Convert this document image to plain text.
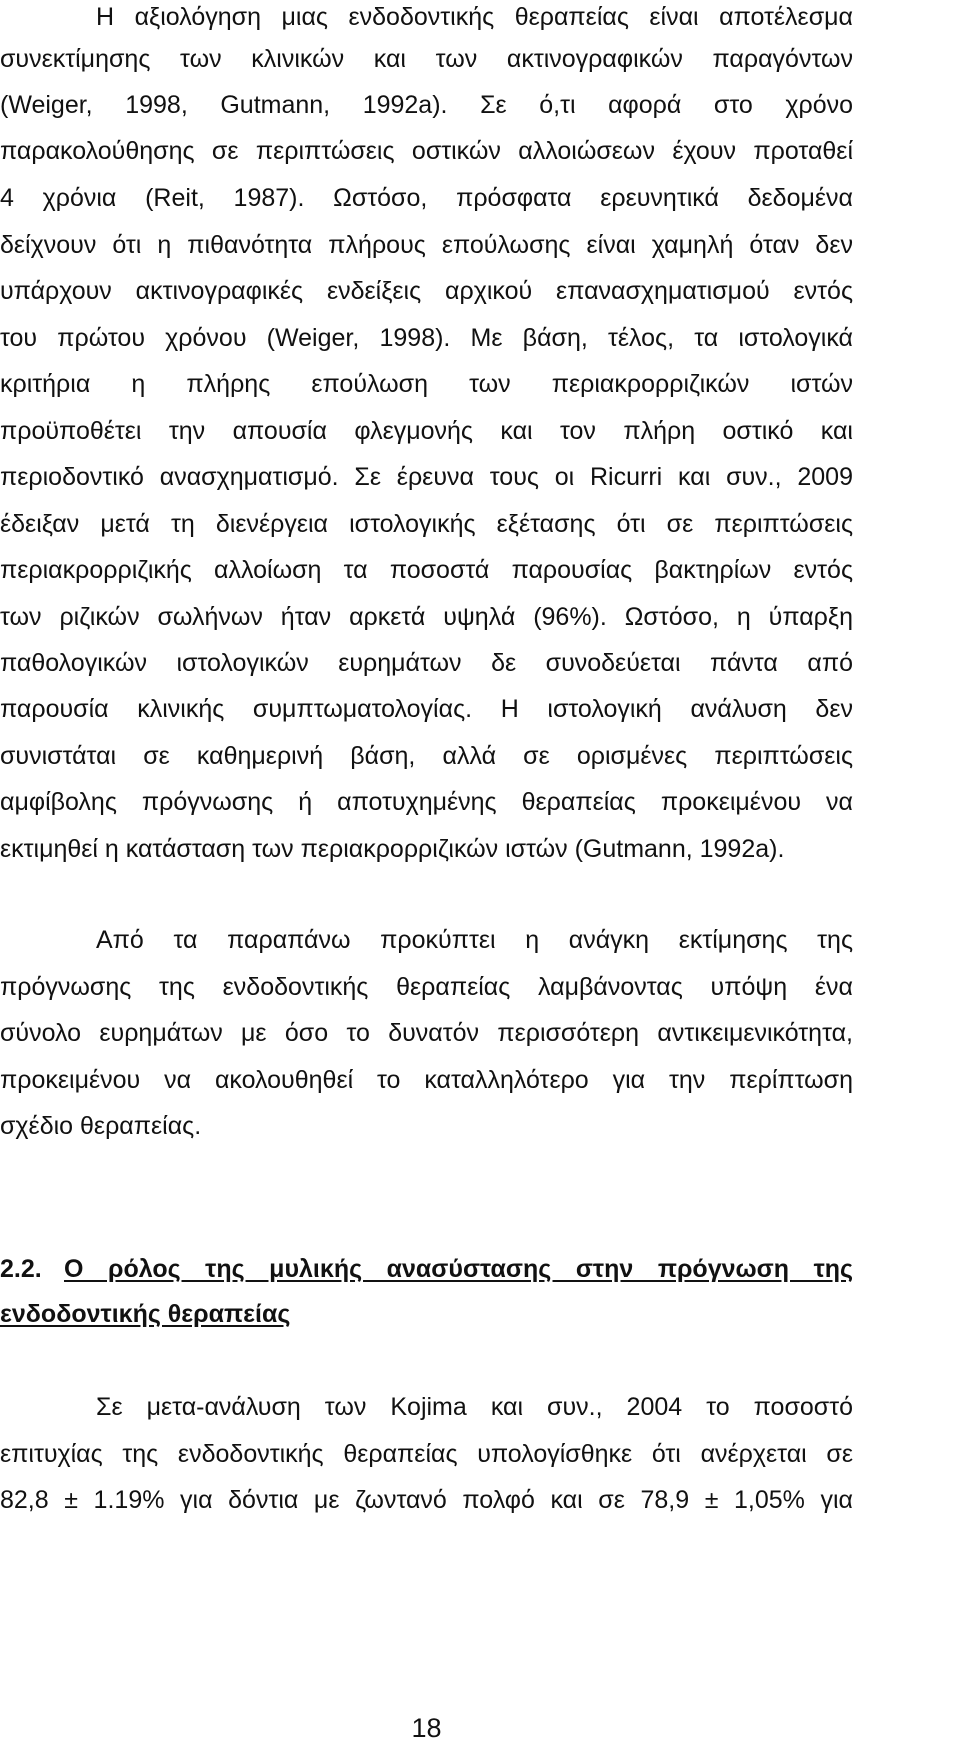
Η αξιολόγηση μιας ενδοδοντικής θεραπείας είναι αποτέλεσμα
συνεκτίμησης των κλινικών και των ακτινογραφικών παραγόντων
(Weiger, 1998, Gutmann, 1992a). Σε ό,τι αφορά στο χρόνο
παρακολούθησης σε περιπτώσεις οστικών αλλοιώσεων έχουν προταθεί
4 χρόνια (Reit, 1987). Ωστόσο, πρόσφατα ερευνητικά δεδομένα
δείχνουν ότι η πιθανότητα πλήρους επούλωσης είναι χαμηλή όταν δεν
υπάρχουν ακτινογραφικές ενδείξεις αρχικού επανασχηματισμού εντός
του πρώτου χρόνου (Weiger, 1998). Με βάση, τέλος, τα ιστολογικά
κριτήρια η πλήρης επούλωση των περιακρορριζικών ιστών
προϋποθέτει την απουσία φλεγμονής και τον πλήρη οστικό και
περιοδοντικό ανασχηματισμό. Σε έρευνα τους οι Ricurri και συν., 2009
έδειξαν μετά τη διενέργεια ιστολογικής εξέτασης ότι σε περιπτώσεις
περιακρορριζικής αλλοίωση τα ποσοστά παρουσίας βακτηρίων εντός
των ριζικών σωλήνων ήταν αρκετά υψηλά (96%). Ωστόσο, η ύπαρξη
παθολογικών ιστολογικών ευρημάτων δε συνοδεύεται πάντα από
παρουσία κλινικής συμπτωματολογίας. Η ιστολογική ανάλυση δεν
συνιστάται σε καθημερινή βάση, αλλά σε ορισμένες περιπτώσεις
αμφίβολης πρόγνωσης ή αποτυχημένης θεραπείας προκειμένου να
εκτιμηθεί η κατάσταση των περιακρορριζικών ιστών (Gutmann, 1992a).
Από τα παραπάνω προκύπτει η ανάγκη εκτίμησης της
πρόγνωσης της ενδοδοντικής θεραπείας λαμβάνοντας υπόψη ένα
σύνολο ευρημάτων με όσο το δυνατόν περισσότερη αντικειμενικότητα,
προκειμένου να ακολουθηθεί το καταλληλότερο για την περίπτωση
σχέδιο θεραπείας.
2.2. Ο ρόλος της μυλικής ανασύστασης στην πρόγνωση της
ενδοδοντικής θεραπείας
Σε μετα-ανάλυση των Kojima και συν., 2004 το ποσοστό
επιτυχίας της ενδοδοντικής θεραπείας υπολογίσθηκε ότι ανέρχεται σε
82,8 ± 1.19% για δόντια με ζωντανό πολφό και σε 78,9 ± 1,05% για
18
